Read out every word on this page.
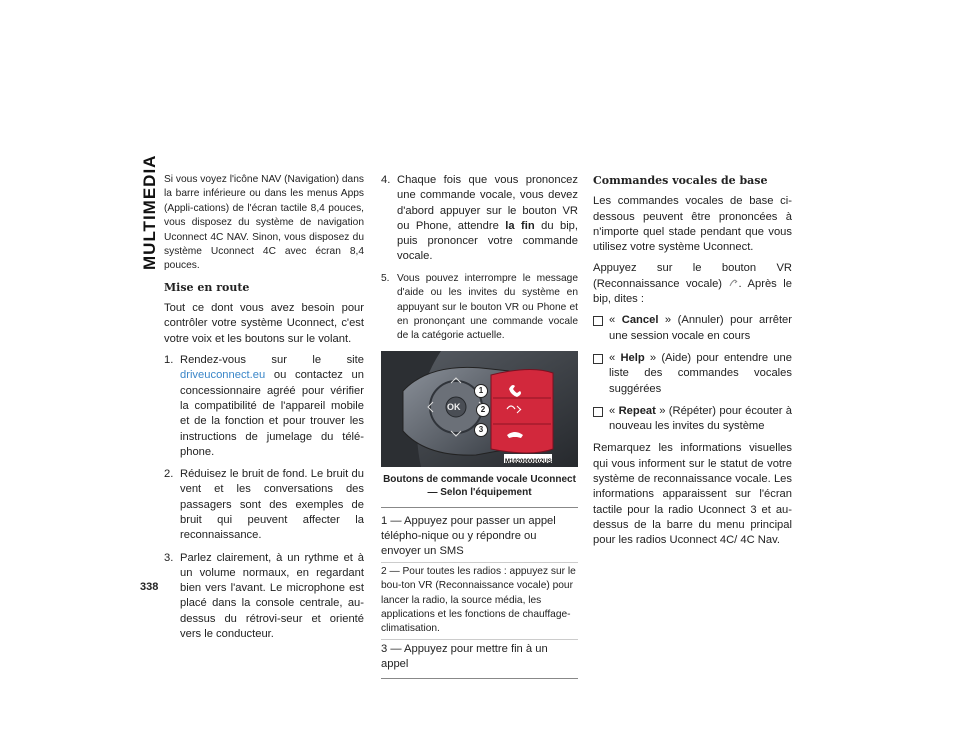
MULTIMEDIA
338

Si vous voyez l'icône NAV (Navigation) dans la barre inférieure ou dans les menus Apps (Appli-cations) de l'écran tactile 8,4 pouces, vous disposez du système de navigation Uconnect 4C NAV. Sinon, vous disposez du système Uconnect 4C avec écran 8,4 pouces.

Mise en route

Tout ce dont vous avez besoin pour contrôler votre système Uconnect, c'est votre voix et les boutons sur le volant.

1. Rendez-vous sur le site driveuconnect.eu ou contactez un concessionnaire agréé pour vérifier la compatibilité de l'appareil mobile et de la fonction et pour trouver les instructions de jumelage du télé-phone.
2. Réduisez le bruit de fond. Le bruit du vent et les conversations des passagers sont des exemples de bruit qui peuvent affecter la reconnaissance.
3. Parlez clairement, à un rythme et à un volume normaux, en regardant bien vers l'avant. Le microphone est placé dans la console centrale, au-dessus du rétrovi-seur et orienté vers le conducteur.
4. Chaque fois que vous prononcez une commande vocale, vous devez d'abord appuyer sur le bouton VR ou Phone, attendre la fin du bip, puis prononcer votre commande vocale.
5. Vous pouvez interrompre le message d'aide ou les invites du système en appuyant sur le bouton VR ou Phone et en prononçant une commande vocale de la catégorie actuelle.
OK
1
2
3
M1020000002US
Boutons de commande vocale Uconnect — Selon l'équipement

1 — Appuyez pour passer un appel télépho-nique ou y répondre ou envoyer un SMS

2 — Pour toutes les radios : appuyez sur le bou-ton VR (Reconnaissance vocale) pour lancer la radio, la source média, les applications et les fonctions de chauffage-climatisation.

3 — Appuyez pour mettre fin à un appel

Commandes vocales de base

Les commandes vocales de base ci-dessous peuvent être prononcées à n'importe quel stade pendant que vous utilisez votre système Uconnect.

Appuyez sur le bouton VR (Reconnaissance vocale) . Après le bip, dites :

« Cancel » (Annuler) pour arrêter une session vocale en cours
« Help » (Aide) pour entendre une liste des commandes vocales suggérées
« Repeat » (Répéter) pour écouter à nouveau les invites du système

Remarquez les informations visuelles qui vous informent sur le statut de votre système de reconnaissance vocale. Les informations apparaissent sur l'écran tactile pour la radio Uconnect 3 et au-dessus de la barre du menu principal pour les radios Uconnect 4C/ 4C Nav.
